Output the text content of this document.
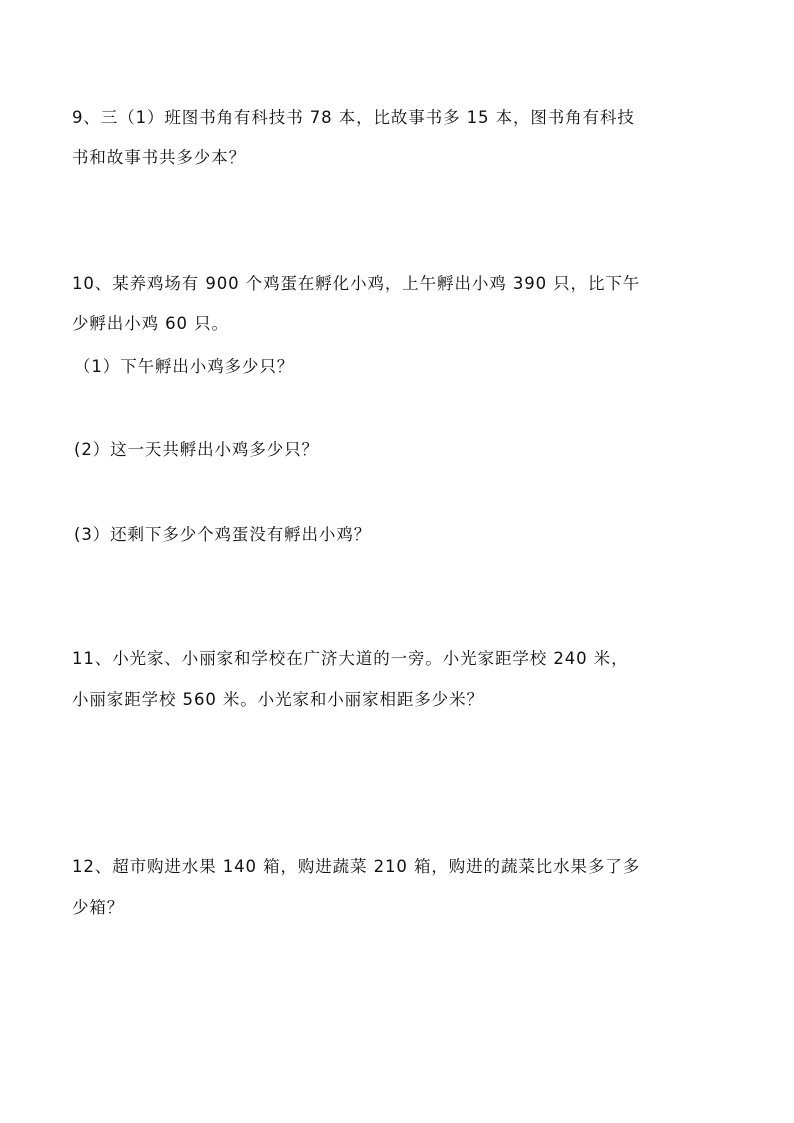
9、三（1）班图书角有科技书 78 本，比故事书多 15 本，图书角有科技
书和故事书共多少本？
10、某养鸡场有 900 个鸡蛋在孵化小鸡，上午孵出小鸡 390 只，比下午
少孵出小鸡 60 只。
（1）下午孵出小鸡多少只？
(2）这一天共孵出小鸡多少只？
(3）还剩下多少个鸡蛋没有孵出小鸡？
11、小光家、小丽家和学校在广济大道的一旁。小光家距学校 240 米，
小丽家距学校 560 米。小光家和小丽家相距多少米？
12、超市购进水果 140 箱，购进蔬菜 210 箱，购进的蔬菜比水果多了多
少箱？
